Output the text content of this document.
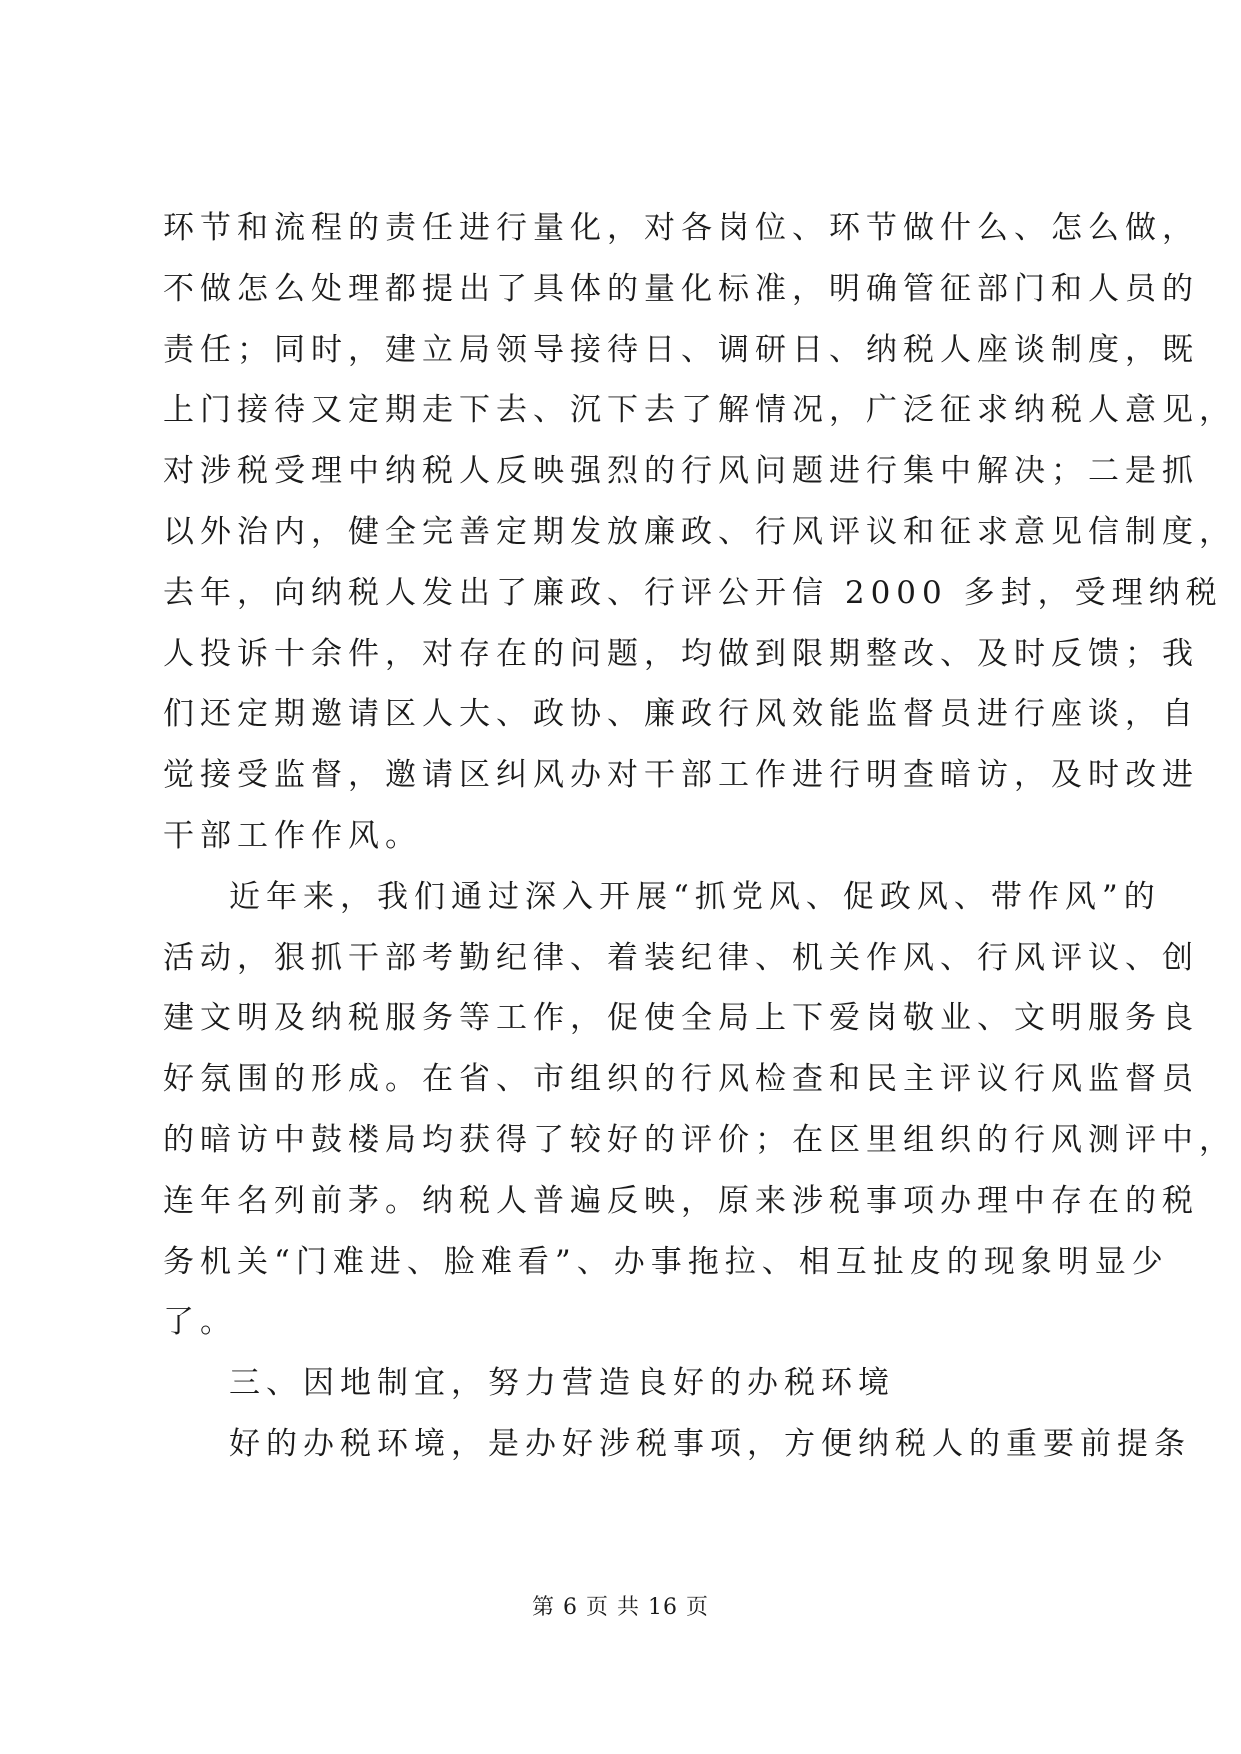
环节和流程的责任进行量化，对各岗位、环节做什么、怎么做，
不做怎么处理都提出了具体的量化标准，明确管征部门和人员的
责任；同时，建立局领导接待日、调研日、纳税人座谈制度，既
上门接待又定期走下去、沉下去了解情况，广泛征求纳税人意见，
对涉税受理中纳税人反映强烈的行风问题进行集中解决；二是抓
以外治内，健全完善定期发放廉政、行风评议和征求意见信制度，
去年，向纳税人发出了廉政、行评公开信 2000 多封，受理纳税
人投诉十余件，对存在的问题，均做到限期整改、及时反馈；我
们还定期邀请区人大、政协、廉政行风效能监督员进行座谈，自
觉接受监督，邀请区纠风办对干部工作进行明查暗访，及时改进
干部工作作风。
近年来，我们通过深入开展“抓党风、促政风、带作风”的
活动，狠抓干部考勤纪律、着装纪律、机关作风、行风评议、创
建文明及纳税服务等工作，促使全局上下爱岗敬业、文明服务良
好氛围的形成。在省、市组织的行风检查和民主评议行风监督员
的暗访中鼓楼局均获得了较好的评价；在区里组织的行风测评中，
连年名列前茅。纳税人普遍反映，原来涉税事项办理中存在的税
务机关“门难进、脸难看”、办事拖拉、相互扯皮的现象明显少
了。
三、因地制宜，努力营造良好的办税环境
好的办税环境，是办好涉税事项，方便纳税人的重要前提条
第 6 页 共 16 页
